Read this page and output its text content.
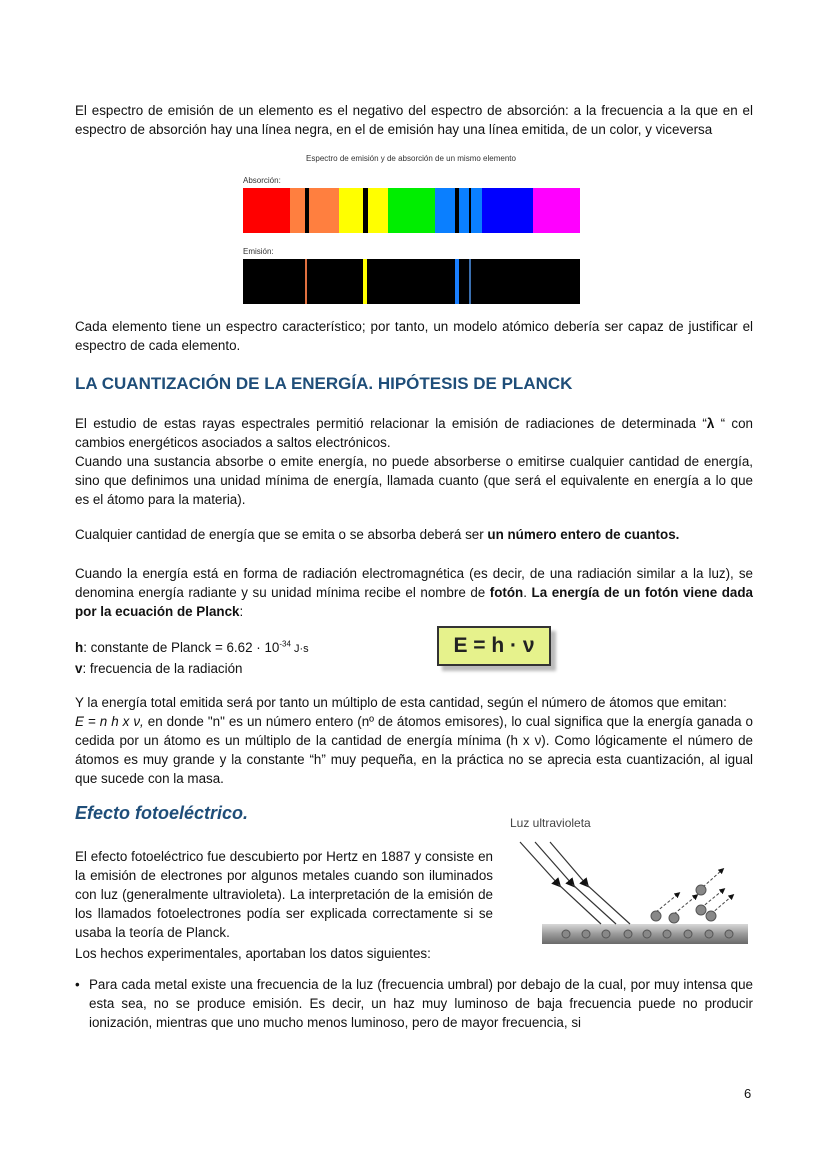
El espectro de emisión de un elemento es el negativo del espectro de absorción: a la frecuencia a la que en el espectro de absorción hay una línea negra, en el de emisión hay una línea emitida, de un color, y viceversa

Espectro de emisión y de absorción de un mismo elemento
Absorción:
Emisión:

Cada elemento tiene un espectro característico; por tanto, un modelo atómico debería ser capaz de justificar el espectro de cada elemento.

LA CUANTIZACIÓN DE LA ENERGÍA. HIPÓTESIS DE PLANCK

El estudio de estas rayas espectrales permitió relacionar la emisión de radiaciones de determinada “λ “ con cambios energéticos asociados a saltos electrónicos.

Cuando una sustancia absorbe o emite energía, no puede absorberse o emitirse cualquier cantidad de energía, sino que definimos una unidad mínima de energía, llamada cuanto (que será el equivalente en energía a lo que es el átomo para la materia).

Cualquier cantidad de energía que se emita o se absorba deberá ser un número entero de cuantos.

Cuando la energía está en forma de radiación electromagnética (es decir, de una radiación similar a la luz), se denomina energía radiante y su unidad mínima recibe el nombre de fotón. La energía de un fotón viene dada por la ecuación de Planck:

h: constante de Planck = $6.62 \cdot 10^{-34}$ J·s

v: frecuencia de la radiación

E = h · ν

Y la energía total emitida será por tanto un múltiplo de esta cantidad, según el número de átomos que emitan:

E = n h x ν, en donde "n" es un número entero (nº de átomos emisores), lo cual significa que la energía ganada o cedida por un átomo es un múltiplo de la cantidad de energía mínima (h x ν). Como lógicamente el número de átomos es muy grande y la constante “h” muy pequeña, en la práctica no se aprecia esta cuantización, al igual que sucede con la masa.

Efecto fotoeléctrico.	Luz ultravioleta

El efecto fotoeléctrico fue descubierto por Hertz en 1887 y consiste en la emisión de electrones por algunos metales cuando son iluminados con luz (generalmente ultravioleta). La interpretación de la emisión de los llamados fotoelectrones podía ser explicada correctamente si se usaba la teoría de Planck.

Los hechos experimentales, aportaban los datos siguientes:

• Para cada metal existe una frecuencia de la luz (frecuencia umbral) por debajo de la cual, por muy intensa que esta sea, no se produce emisión. Es decir, un haz muy luminoso de baja frecuencia puede no producir ionización, mientras que uno mucho menos luminoso, pero de mayor frecuencia, si

6
